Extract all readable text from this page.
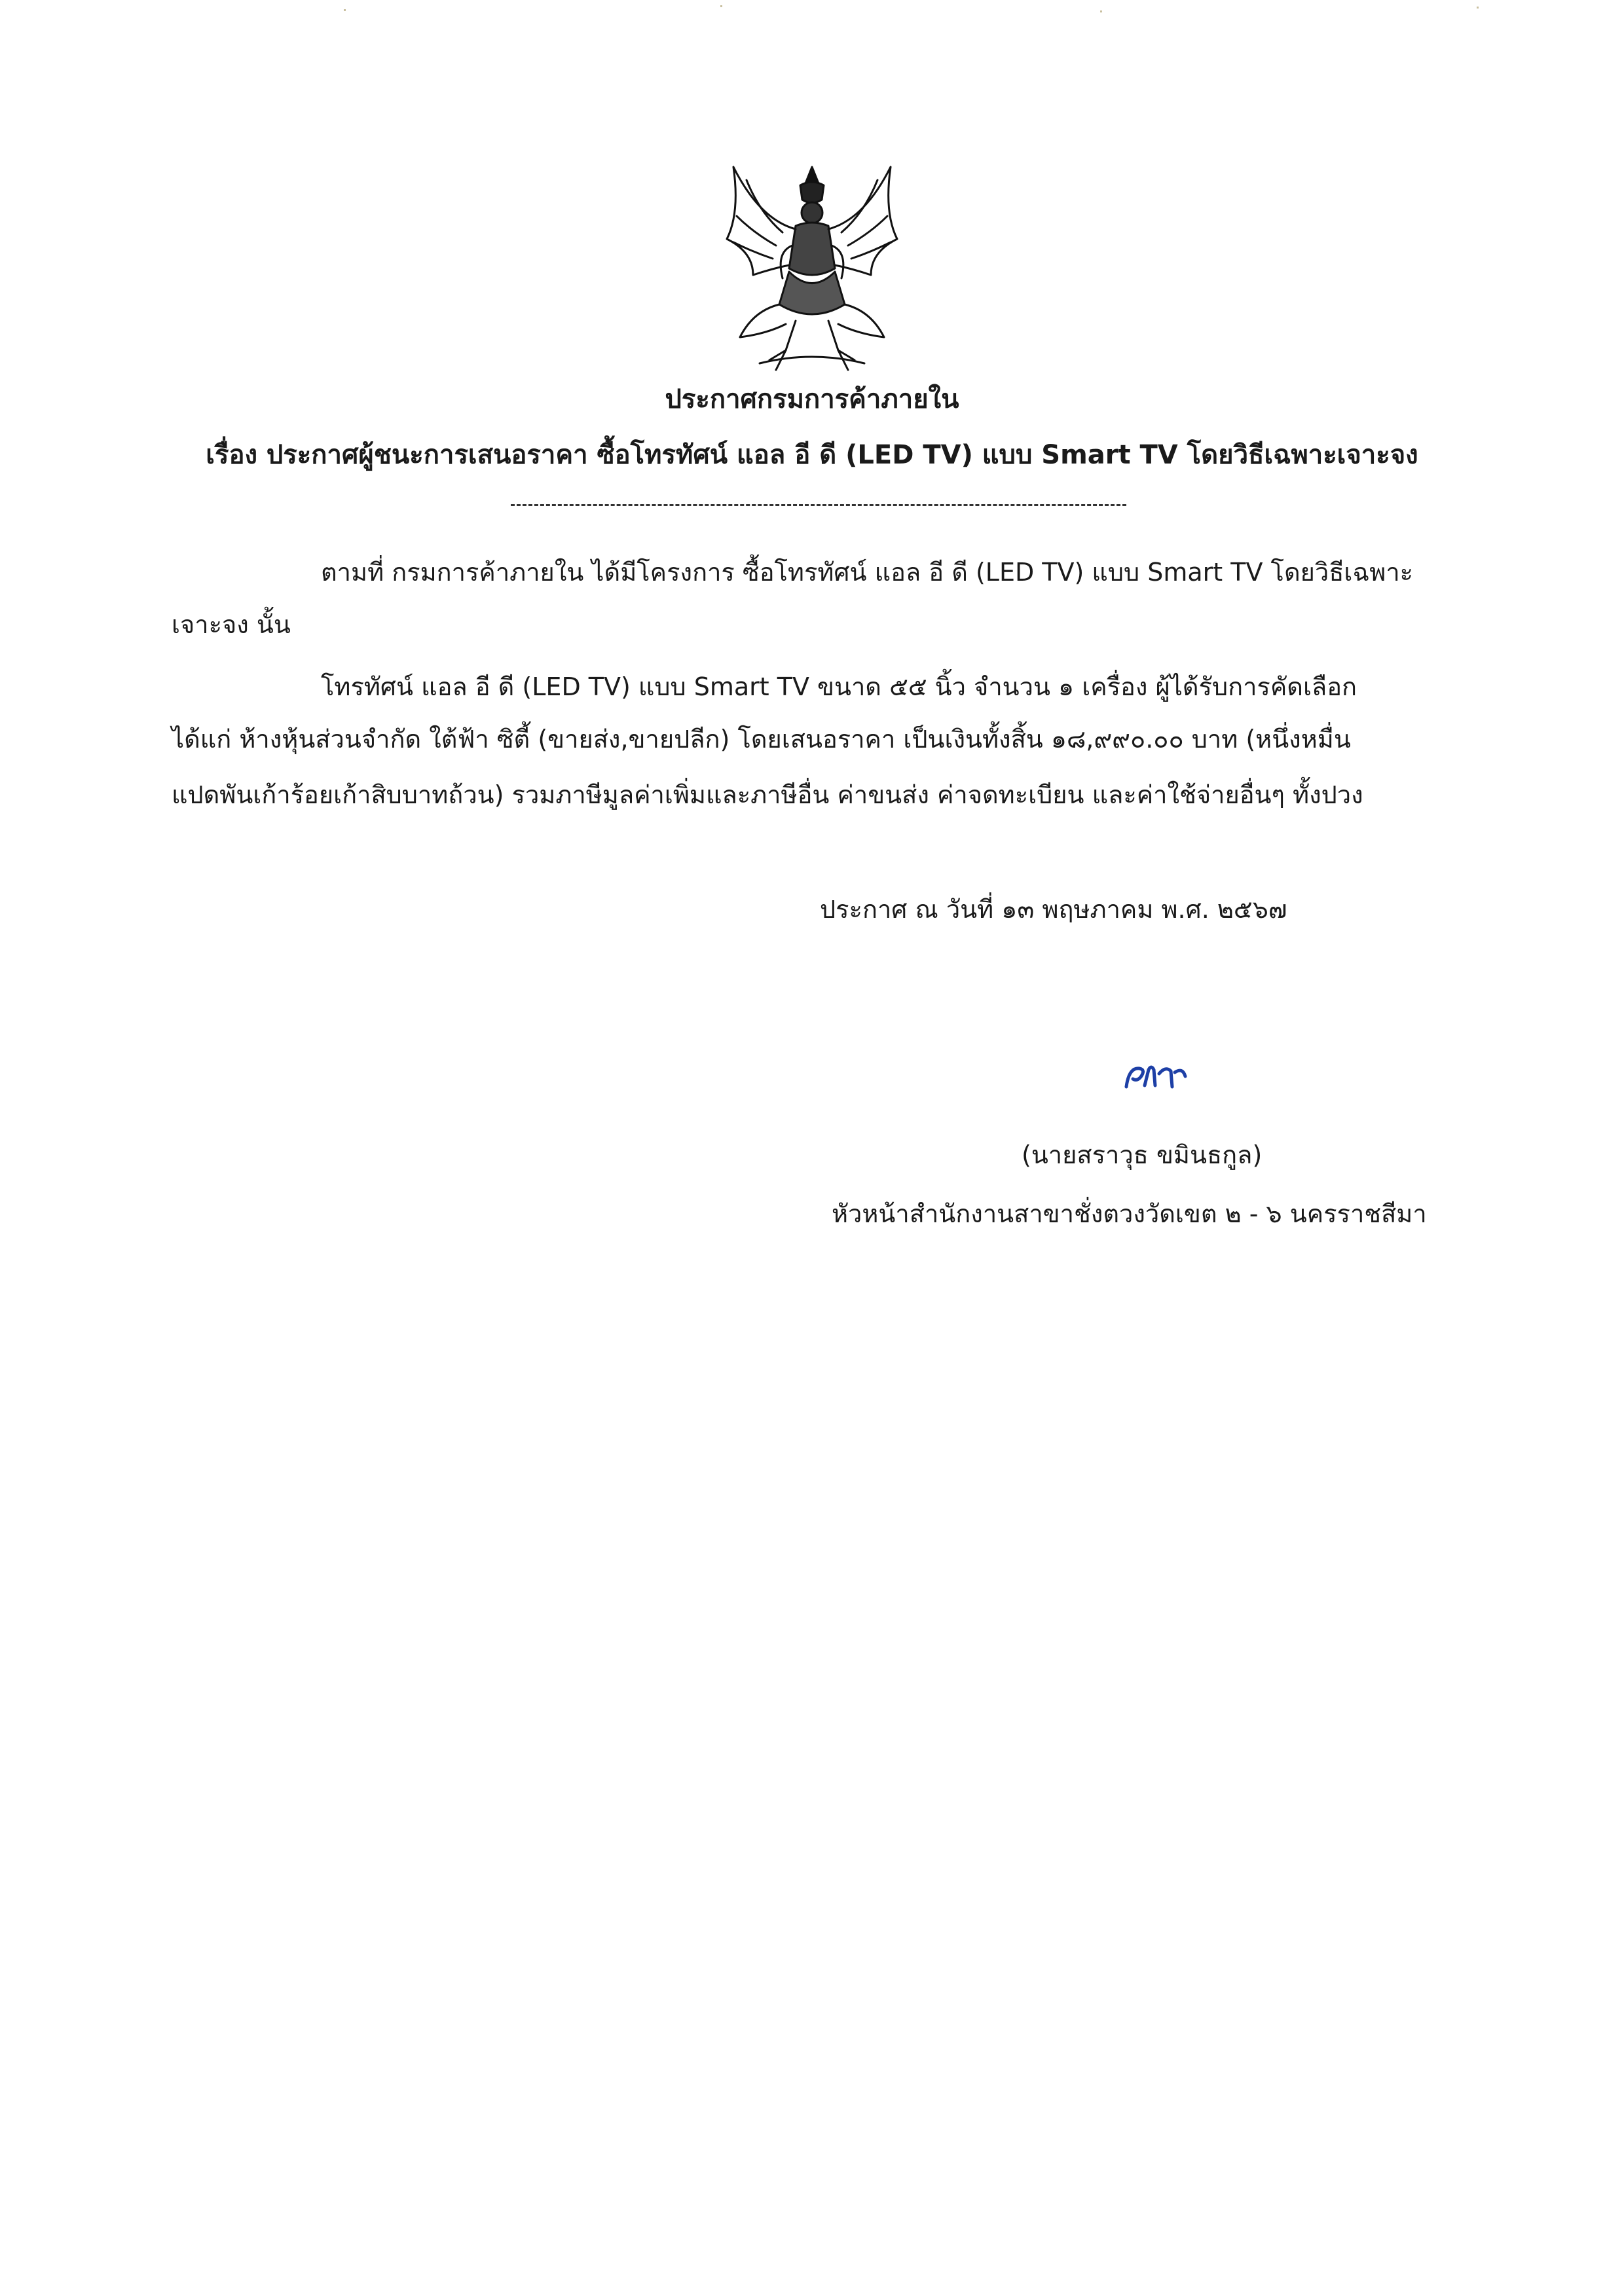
ประกาศกรมการค้าภายใน
เรื่อง ประกาศผู้ชนะการเสนอราคา ซื้อโทรทัศน์ แอล อี ดี (LED TV) แบบ Smart TV โดยวิธีเฉพาะเจาะจง
ตามที่ กรมการค้าภายใน ได้มีโครงการ ซื้อโทรทัศน์ แอล อี ดี (LED TV) แบบ Smart TV โดยวิธีเฉพาะ
เจาะจง นั้น
โทรทัศน์ แอล อี ดี (LED TV) แบบ Smart TV ขนาด ๕๕ นิ้ว จำนวน ๑ เครื่อง ผู้ได้รับการคัดเลือก
ได้แก่ ห้างหุ้นส่วนจำกัด ใต้ฟ้า ซิตี้ (ขายส่ง,ขายปลีก) โดยเสนอราคา เป็นเงินทั้งสิ้น ๑๘,๙๙๐.๐๐ บาท (หนึ่งหมื่น
แปดพันเก้าร้อยเก้าสิบบาทถ้วน) รวมภาษีมูลค่าเพิ่มและภาษีอื่น ค่าขนส่ง ค่าจดทะเบียน และค่าใช้จ่ายอื่นๆ ทั้งปวง
ประกาศ ณ วันที่ ๑๓ พฤษภาคม พ.ศ. ๒๕๖๗
(นายสราวุธ ขมินธกูล)
หัวหน้าสำนักงานสาขาชั่งตวงวัดเขต ๒ - ๖ นครราชสีมา
